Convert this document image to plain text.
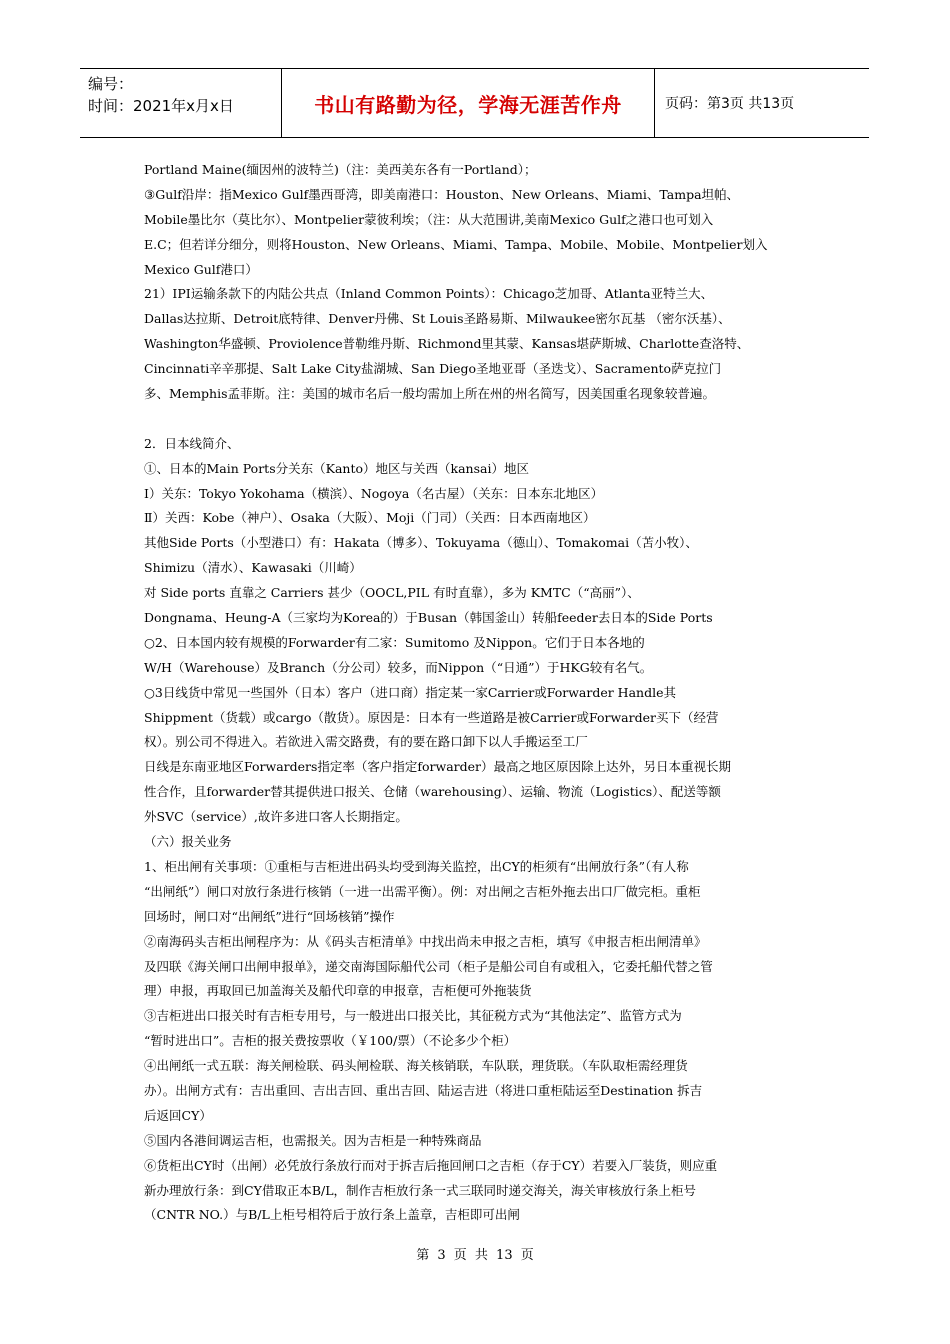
编号：
时间：2021年x月x日	书山有路勤为径，学海无涯苦作舟	页码：第3页 共13页
Portland Maine(缅因州的波特兰)（注：美西美东各有一Portland）；
③Gulf沿岸：指Mexico Gulf墨西哥湾，即美南港口：Houston、New Orleans、Miami、Tampa坦帕、
Mobile墨比尔（莫比尔）、Montpelier蒙彼利埃；（注：从大范围讲,美南Mexico Gulf之港口也可划入
E.C；但若详分细分，则将Houston、New Orleans、Miami、Tampa、Mobile、Mobile、Montpelier划入
Mexico Gulf港口）
21）IPI运输条款下的内陆公共点（Inland Common Points）：Chicago芝加哥、Atlanta亚特兰大、
Dallas达拉斯、Detroit底特律、Denver丹佛、St Louis圣路易斯、Milwaukee密尔瓦基 （密尔沃基）、
Washington华盛顿、Proviolence普勒维丹斯、Richmond里其蒙、Kansas堪萨斯城、Charlotte查洛特、
Cincinnati辛辛那提、Salt Lake City盐湖城、San Diego圣地亚哥（圣迭戈）、Sacramento萨克拉门
多、Memphis孟菲斯。注：美国的城市名后一般均需加上所在州的州名简写，因美国重名现象较普遍。
2．日本线简介、
①、日本的Main Ports分关东（Kanto）地区与关西（kansai）地区
Ⅰ）关东：Tokyo Yokohama（横滨）、Nogoya（名古屋）（关东：日本东北地区）
Ⅱ）关西：Kobe（神户）、Osaka（大阪）、Moji（门司）（关西：日本西南地区）
其他Side Ports（小型港口）有：Hakata（博多）、Tokuyama（德山）、Tomakomai（苫小牧）、
Shimizu（清水）、Kawasaki（川崎）
对 Side ports 直靠之 Carriers 甚少（OOCL,PIL 有时直靠），多为 KMTC（“高丽”）、
Dongnama、Heung-A（三家均为Korea的）于Busan（韩国釜山）转船feeder去日本的Side Ports
○2、日本国内较有规模的Forwarder有二家：Sumitomo 及Nippon。它们于日本各地的
W/H（Warehouse）及Branch（分公司）较多，而Nippon（“日通”）于HKG较有名气。
○3日线货中常见一些国外（日本）客户（进口商）指定某一家Carrier或Forwarder Handle其
Shippment（货载）或cargo（散货）。原因是：日本有一些道路是被Carrier或Forwarder买下（经营
权）。别公司不得进入。若欲进入需交路费，有的要在路口卸下以人手搬运至工厂
日线是东南亚地区Forwarders指定率（客户指定forwarder）最高之地区原因除上达外，另日本重视长期
性合作，且forwarder替其提供进口报关、仓储（warehousing）、运输、物流（Logistics）、配送等额
外SVC（service）,故许多进口客人长期指定。
（六）报关业务
1、柜出闸有关事项：①重柜与吉柜进出码头均受到海关监控，出CY的柜须有“出闸放行条”（有人称
“出闸纸”）闸口对放行条进行核销（一进一出需平衡）。例：对出闸之吉柜外拖去出口厂做完柜。重柜
回场时，闸口对“出闸纸”进行“回场核销”操作
②南海码头吉柜出闸程序为：从《码头吉柜清单》中找出尚未申报之吉柜，填写《申报吉柜出闸清单》
及四联《海关闸口出闸申报单》，递交南海国际船代公司（柜子是船公司自有或租入，它委托船代替之管
理）申报，再取回已加盖海关及船代印章的申报章，吉柜便可外拖装货
③吉柜进出口报关时有吉柜专用号，与一般进出口报关比，其征税方式为“其他法定”、监管方式为
“暂时进出口”。吉柜的报关费按票收（￥100/票）（不论多少个柜）
④出闸纸一式五联：海关闸检联、码头闸检联、海关核销联，车队联，理货联。（车队取柜需经理货
办）。出闸方式有：吉出重回、吉出吉回、重出吉回、陆运吉进（将进口重柜陆运至Destination 拆吉
后返回CY）
⑤国内各港间调运吉柜，也需报关。因为吉柜是一种特殊商品
⑥货柜出CY时（出闸）必凭放行条放行而对于拆吉后拖回闸口之吉柜（存于CY）若要入厂装货，则应重
新办理放行条：到CY借取正本B/L，制作吉柜放行条一式三联同时递交海关，海关审核放行条上柜号
（CNTR NO.）与B/L上柜号相符后于放行条上盖章，吉柜即可出闸
第 3 页 共 13 页
